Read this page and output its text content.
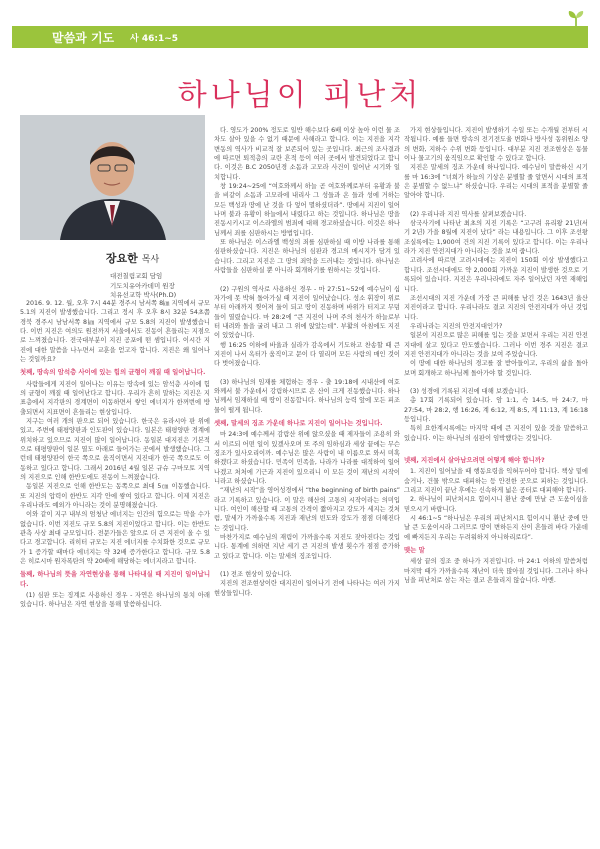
말씀과 기도 사 46:1~5
하나님이 피난처
장요한 목사
대전칠림교회 담임
기도치유아카데미 원장
치유선교학 박사(Ph.D)

2016. 9. 12. 월, 오후 7시 44분 경주시 남서쪽 8㎞ 지역에서 규모 5.1의 지진이 발생했습니다. 그리고 정시 후 오후 8시 32분 54초쯤 경북 경주시 남남서쪽 8㎞ 지역에서 규모 5.8의 지진이 발생했습니다. 이번 지진은 여의도 원전까지 서울에서도 진동이 흔들리는 지점으로 느껴졌습니다. 전국대부분이 지진 공포에 떤 셈입니다. 이시간 지진에 대한 말씀을 나누면서 교훈을 얻고자 합니다. 지진은 왜 일어나는 것일까요?

첫째, 땅속의 암석층 사이에 있는 힘의 균형이 깨질 때 일어납니다.

사람들에게 지진이 일어나는 이유는 땅속에 있는 암석층 사이에 힘의 균형이 깨질 때 일어난다고 합니다. 우리가 흔히 말하는 지진은 지표층에서 지각판의 경계면이 이동하면서 쌓인 에너지가 한꺼번에 방출되면서 지표면이 흔들리는 현상입니다.

지구는 여러 개의 판으로 되어 있습니다. 한국은 유라시아 판 위에 있고, 주변에 태평양판과 인도판이 있습니다. 일본은 태평양판 경계에 위치하고 있으므로 지진이 많이 일어납니다. 동일본 대지진은 기본적으로 태평양판이 일본 열도 아래로 들어가는 곳에서 발생했습니다. 그런데 태평양판이 한국 쪽으로 움직이면서 지진대가 한국 쪽으로도 이동하고 있다고 합니다. 그래서 2016년 4월 일본 규슈 구마모토 지역의 지진으로 인해 한반도에도 진동이 느껴졌습니다.

동일본 지진으로 인해 한반도는 동쪽으로 최대 5㎝ 이동했습니다. 또 지진의 압력이 한반도 지각 안에 쌓여 있다고 합니다. 이제 지진은 우리나라도 예외가 아니라는 것이 분명해졌습니다.

이와 같이 지구 내부의 엄청난 에너지는 인간의 힘으로는 막을 수가 없습니다. 이번 지진도 규모 5.8의 지진이었다고 합니다. 이는 한반도 관측 사상 최대 규모입니다. 전문가들은 앞으로 더 큰 지진이 올 수 있다고 경고합니다. 리히터 규모는 지진 에너지를 수치화한 것으로 규모가 1 증가할 때마다 에너지는 약 32배 증가한다고 합니다. 규모 5.8은 히로시마 원자폭탄의 약 20배에 해당하는 에너지라고 합니다.

둘째, 하나님의 뜻을 자연현상을 통해 나타내실 때 지진이 일어납니다.

(1) 심판 또는 징계로 사용하신 경우 - 자연은 하나님의 통치 아래 있습니다. 하나님은 자연 현상을 통해 말씀하십니다.

다. 영도가 200% 정도로 일반 해수보다 6배 이상 높아 이런 물 조차도 살아 있을 수 없기 때문에 사해라고 합니다. 이는 지진을 지각변동의 역사가 비교적 잘 보존되어 있는 곳입니다. 최근의 조사결과에 따르면 퇴적층의 교란 흔적 등이 여러 곳에서 발견되었다고 합니다. 이것은 B.C 2050년경 소돔과 고모라 사건이 일어난 시기와 일치합니다.

창 19:24~25에 “여호와께서 하늘 곧 여호와께로부터 유황과 불을 비같이 소돔과 고모라에 내리사 그 성들과 온 들과 성에 거하는 모든 백성과 땅에 난 것을 다 엎어 멸하셨더라”. 땅에서 지진이 일어나며 불과 유황이 하늘에서 내렸다고 하는 것입니다. 하나님은 땅을 진동시키시고 이스라엘의 범죄에 대해 경고하셨습니다. 이것은 하나님께서 죄를 심판하시는 방법입니다.

또 하나님은 이스라엘 백성의 죄를 심판하실 때 이방 나라를 통해 심판하셨습니다. 지진은 하나님의 심판과 경고의 메시지가 담겨 있습니다. 그리고 지진은 그 땅의 죄악을 드러내는 것입니다. 하나님은 사람들을 심판하실 뿐 아니라 회개하기를 원하시는 것입니다.

(2) 구원의 역사로 사용하신 경우 - 마 27:51~52에 예수님이 십자가에 못 박혀 돌아가실 때 지진이 일어났습니다. 성소 휘장이 위로부터 아래까지 찢어져 둘이 되고 땅이 진동하며 바위가 터지고 무덤들이 열렸습니다. 마 28:2에 “큰 지진이 나며 주의 천사가 하늘로부터 내려와 돌을 굴려 내고 그 위에 앉았는데”. 부활의 아침에도 지진이 있었습니다.

행 16:25 이하에 바울과 실라가 감옥에서 기도하고 찬송할 때 큰 지진이 나서 옥터가 움직이고 문이 다 열리며 모든 사람의 매인 것이 다 벗어졌습니다.

(3) 하나님의 임재를 체험하는 경우 - 출 19:18에 시내산에 여호와께서 불 가운데서 강림하시므로 온 산이 크게 진동했습니다. 하나님께서 임재하실 때 땅이 진동합니다. 하나님의 능력 앞에 모든 피조물이 떨게 됩니다.

셋째, 말세의 징조 가운데 하나로 지진이 일어나는 것입니다.

마 24:3에 예수께서 감람산 위에 앉으셨을 때 제자들이 조용히 와서 이르되 어떤 일이 있겠사오며 또 주의 임하심과 세상 끝에는 무슨 징조가 있사오리이까. 예수님은 많은 사람이 내 이름으로 와서 미혹하겠다고 하셨습니다. 민족이 민족을, 나라가 나라를 대적하여 일어나겠고 처처에 기근과 지진이 있으리니 이 모든 것이 재난의 시작이니라고 하셨습니다.

“재난의 시작”을 영어성경에서 “the beginning of birth pains” 라고 기록하고 있습니다. 이 말은 해산의 고통의 시작이라는 의미입니다. 여인이 해산할 때 고통의 간격이 짧아지고 강도가 세지는 것처럼, 말세가 가까울수록 지진과 재난의 빈도와 강도가 점점 더해진다는 것입니다.

마찬가지로 예수님의 재림이 가까울수록 지진도 잦아진다는 것입니다. 통계에 의하면 지난 세기 큰 지진의 발생 횟수가 점점 증가하고 있다고 합니다. 이는 말세의 징조입니다.

(1) 전조 현상이 있습니다.

지진의 전조현상이란 대지진이 일어나기 전에 나타나는 여러 가지 현상들입니다.

가지 현상들입니다. 지진이 발생하기 수일 또는 수개월 전부터 시작됩니다. 예를 들면 땅속의 전기전도율 변화나 방사성 동위원소 양의 변화, 지하수 수위 변화 등입니다. 대부분 지진 전조현상은 동물이나 물고기의 움직임으로 확인할 수 있다고 합니다.

지진은 말세의 징조 가운데 하나입니다. 예수님이 말씀하신 시기를 마 16:3에 “너희가 하늘의 기상은 분별할 줄 알면서 시대의 표적은 분별할 수 없느냐” 하셨습니다. 우리는 시대의 표적을 분별할 줄 알아야 합니다.

(2) 우리나라 지진 역사를 살펴보겠습니다.

삼국사기에 나타난 최초의 지진 기록은 “고구려 유리왕 21년(서기 2년) 가을 8월에 지진이 났다” 라는 내용입니다. 그 이후 조선왕조실록에는 1,900여 건의 지진 기록이 있다고 합니다. 이는 우리나라가 지진 안전지대가 아니라는 것을 보여 줍니다.

고려사에 따르면 고려시대에는 지진이 150회 이상 발생했다고 합니다. 조선시대에도 약 2,000회 가까운 지진이 발생한 것으로 기록되어 있습니다. 지진은 우리나라에도 자주 일어났던 자연 재해입니다.

조선시대의 지진 가운데 가장 큰 피해를 남긴 것은 1643년 울산 지진이라고 합니다. 우리나라도 결코 지진의 안전지대가 아닌 것입니다.

우리나라는 지진의 안전지대인가?

일본이 지진으로 많은 피해를 입는 것을 보면서 우리는 지진 안전지대에 살고 있다고 안도했습니다. 그러나 이번 경주 지진은 결코 지진 안전지대가 아니라는 것을 보여 주었습니다.

이 땅에 대한 하나님의 경고를 잘 받아들이고, 우리의 삶을 돌아보며 회개하고 하나님께 돌아가야 할 것입니다.

(3) 성경에 기록된 지진에 대해 보겠습니다.

총 17회 기록되어 있습니다. 암 1:1, 슥 14:5, 마 24:7, 마 27:54, 마 28:2, 행 16:26, 계 6:12, 계 8:5, 계 11:13, 계 16:18 등입니다.

특히 요한계시록에는 마지막 때에 큰 지진이 있을 것을 말씀하고 있습니다. 이는 하나님의 심판이 임박했다는 것입니다.

넷째, 지진에서 살아남으려면 어떻게 해야 합니까?

1. 지진이 일어났을 때 행동요령을 익혀두어야 합니다. 책상 밑에 숨거나, 건물 밖으로 대피하는 등 안전한 곳으로 피하는 것입니다. 그리고 지진이 끝난 후에는 신속하게 넓은 공터로 대피해야 합니다.

2. 하나님이 피난처시요 힘이시니 환난 중에 만날 큰 도움이심을 믿으시기 바랍니다.

시 46:1~5 “하나님은 우리의 피난처시요 힘이시니 환난 중에 만날 큰 도움이시라 그러므로 땅이 변하든지 산이 흔들려 바다 가운데에 빠지든지 우리는 두려워하지 아니하리로다”.

맺는 말

세상 끝의 징조 중 하나가 지진입니다. 마 24:1 이하의 말씀처럼 마지막 때가 가까울수록 재난이 더욱 많아질 것입니다. 그러나 하나님을 피난처로 삼는 자는 결코 흔들리지 않습니다. 아멘.
